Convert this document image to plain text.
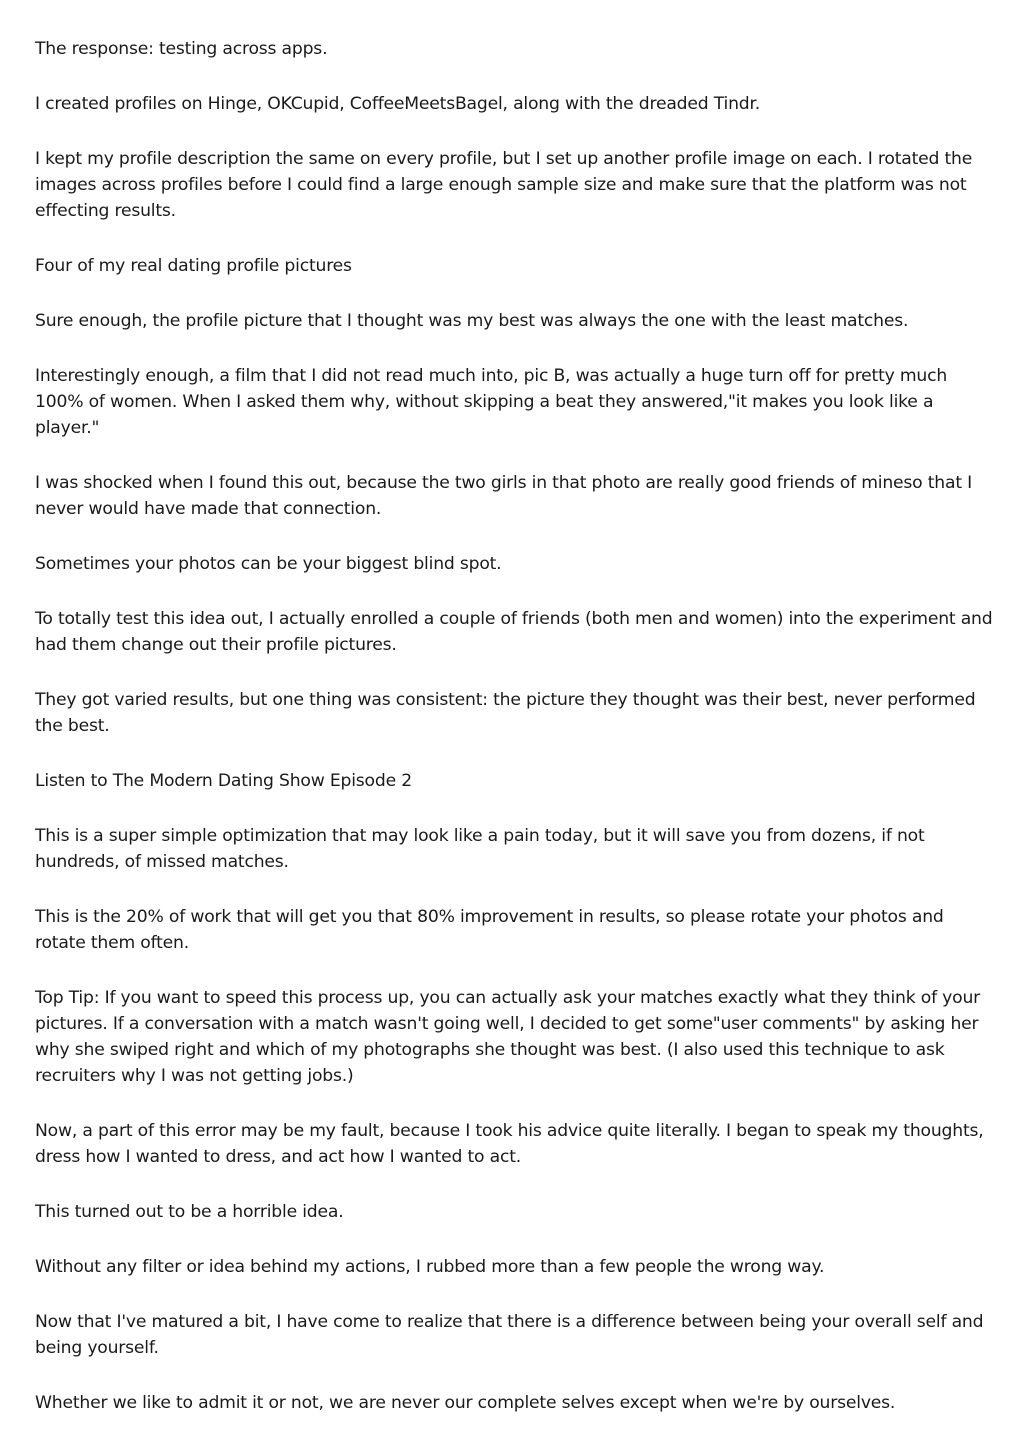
The response: testing across apps.

I created profiles on Hinge, OKCupid, CoffeeMeetsBagel, along with the dreaded Tindr.

I kept my profile description the same on every profile, but I set up another profile image on each. I rotated the images across profiles before I could find a large enough sample size and make sure that the platform was not effecting results.

Four of my real dating profile pictures

Sure enough, the profile picture that I thought was my best was always the one with the least matches.

Interestingly enough, a film that I did not read much into, pic B, was actually a huge turn off for pretty much 100% of women. When I asked them why, without skipping a beat they answered,"it makes you look like a player."

I was shocked when I found this out, because the two girls in that photo are really good friends of mineso that I never would have made that connection.

Sometimes your photos can be your biggest blind spot.

To totally test this idea out, I actually enrolled a couple of friends (both men and women) into the experiment and had them change out their profile pictures.

They got varied results, but one thing was consistent: the picture they thought was their best, never performed the best.

Listen to The Modern Dating Show Episode 2

This is a super simple optimization that may look like a pain today, but it will save you from dozens, if not hundreds, of missed matches.

This is the 20% of work that will get you that 80% improvement in results, so please rotate your photos and rotate them often.

Top Tip: If you want to speed this process up, you can actually ask your matches exactly what they think of your pictures. If a conversation with a match wasn't going well, I decided to get some"user comments" by asking her why she swiped right and which of my photographs she thought was best. (I also used this technique to ask recruiters why I was not getting jobs.)

Now, a part of this error may be my fault, because I took his advice quite literally. I began to speak my thoughts, dress how I wanted to dress, and act how I wanted to act.

This turned out to be a horrible idea.

Without any filter or idea behind my actions, I rubbed more than a few people the wrong way.

Now that I've matured a bit, I have come to realize that there is a difference between being your overall self and being yourself.

Whether we like to admit it or not, we are never our complete selves except when we're by ourselves.
